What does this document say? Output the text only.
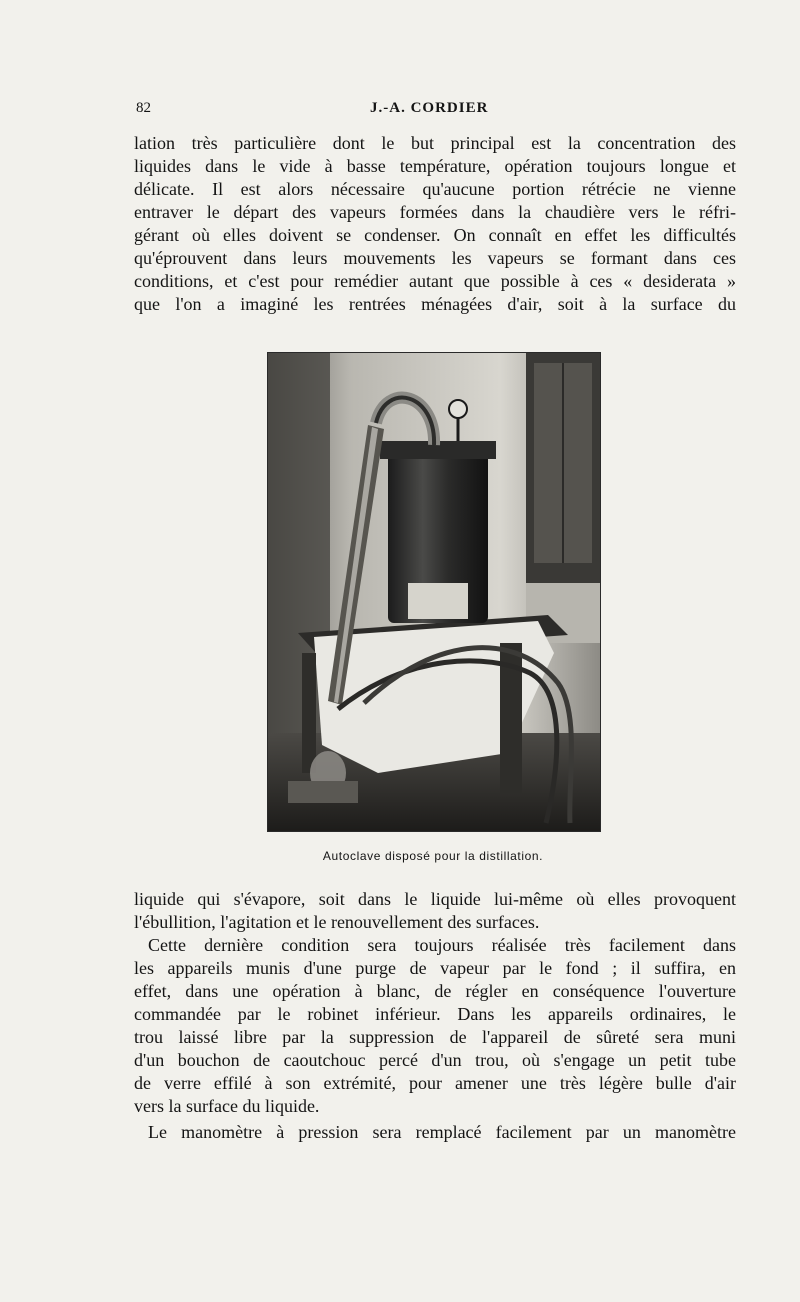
82	J.-A. CORDIER
lation très particulière dont le but principal est la concentration des
liquides dans le vide à basse température, opération toujours longue et
délicate. Il est alors nécessaire qu'aucune portion rétrécie ne vienne
entraver le départ des vapeurs formées dans la chaudière vers le réfri-
gérant où elles doivent se condenser. On connaît en effet les difficultés
qu'éprouvent dans leurs mouvements les vapeurs se formant dans ces
conditions, et c'est pour remédier autant que possible à ces « desiderata »
que l'on a imaginé les rentrées ménagées d'air, soit à la surface du
Autoclave disposé pour la distillation.
liquide qui s'évapore, soit dans le liquide lui-même où elles provoquent
l'ébullition, l'agitation et le renouvellement des surfaces.
Cette dernière condition sera toujours réalisée très facilement dans
les appareils munis d'une purge de vapeur par le fond ; il suffira, en
effet, dans une opération à blanc, de régler en conséquence l'ouverture
commandée par le robinet inférieur. Dans les appareils ordinaires, le
trou laissé libre par la suppression de l'appareil de sûreté sera muni
d'un bouchon de caoutchouc percé d'un trou, où s'engage un petit tube
de verre effilé à son extrémité, pour amener une très légère bulle d'air
vers la surface du liquide.
Le manomètre à pression sera remplacé facilement par un manomètre
